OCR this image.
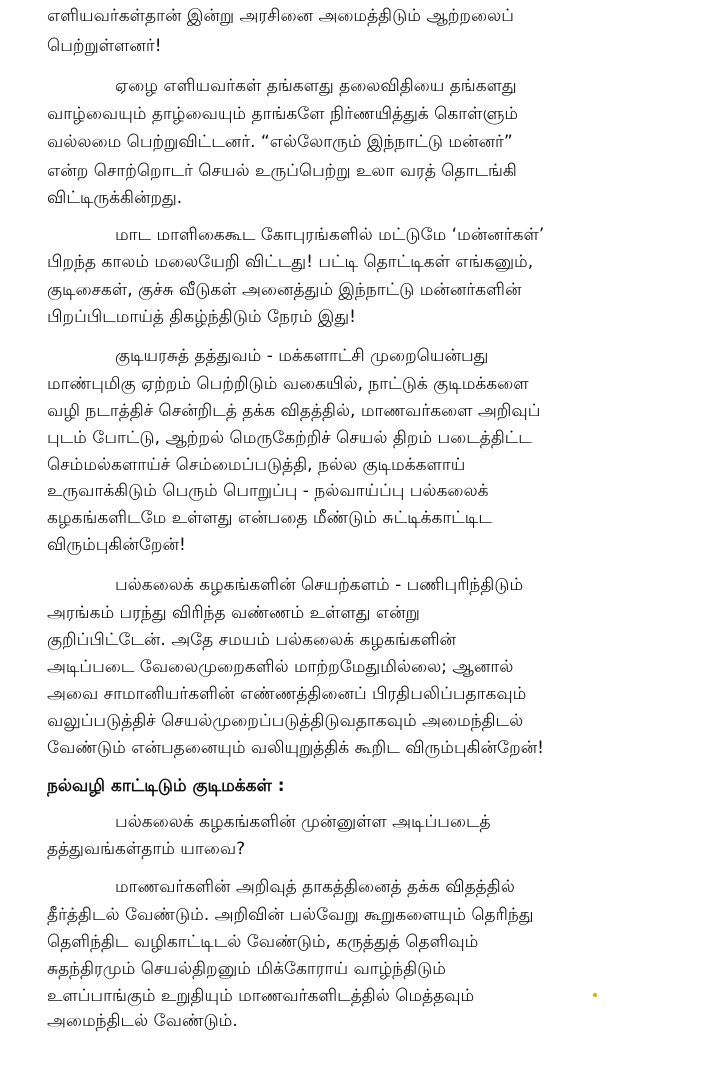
எளியவர்கள்தான் இன்று அரசினை அமைத்திடும் ஆற்றலைப்
பெற்றுள்ளனர்!
ஏழை எளியவர்கள் தங்களது தலைவிதியை தங்களது
வாழ்வையும் தாழ்வையும் தாங்களே நிர்ணயித்துக் கொள்ளும்
வல்லமை பெற்றுவிட்டனர். “எல்லோரும் இந்நாட்டு மன்னர்”
என்ற சொற்றொடர் செயல் உருப்பெற்று உலா வரத் தொடங்கி
விட்டிருக்கின்றது.
மாட மாளிகைகூட கோபுரங்களில் மட்டுமே ‘மன்னர்கள்’
பிறந்த காலம் மலையேறி விட்டது! பட்டி தொட்டிகள் எங்கனும்,
குடிசைகள், குச்சு வீடுகள் அனைத்தும் இந்நாட்டு மன்னர்களின்
பிறப்பிடமாய்த் திகழ்ந்திடும் நேரம் இது!
குடியரசுத் தத்துவம் - மக்களாட்சி முறையென்பது
மாண்புமிகு ஏற்றம் பெற்றிடும் வகையில், நாட்டுக் குடிமக்களை
வழி நடாத்திச் சென்றிடத் தக்க விதத்தில், மாணவர்களை அறிவுப்
புடம் போட்டு, ஆற்றல் மெருகேற்றிச் செயல் திறம் படைத்திட்ட
செம்மல்களாய்ச் செம்மைப்படுத்தி, நல்ல குடிமக்களாய்
உருவாக்கிடும் பெரும் பொறுப்பு - நல்வாய்ப்பு பல்கலைக்
கழகங்களிடமே உள்ளது என்பதை மீண்டும் சுட்டிக்காட்டிட
விரும்புகின்றேன்!
பல்கலைக் கழகங்களின் செயற்களம் - பணிபுரிந்திடும்
அரங்கம் பரந்து விரிந்த வண்ணம் உள்ளது என்று
குறிப்பிட்டேன். அதே சமயம் பல்கலைக் கழகங்களின்
அடிப்படை வேலைமுறைகளில் மாற்றமேதுமில்லை; ஆனால்
அவை சாமானியர்களின் எண்ணத்தினைப் பிரதிபலிப்பதாகவும்
வலுப்படுத்திச் செயல்முறைப்படுத்திடுவதாகவும் அமைந்திடல்
வேண்டும் என்பதனையும் வலியுறுத்திக் கூறிட விரும்புகின்றேன்!
நல்வழி காட்டிடும் குடிமக்கள் :
பல்கலைக் கழகங்களின் முன்னுள்ள அடிப்படைத்
தத்துவங்கள்தாம் யாவை?
மாணவர்களின் அறிவுத் தாகத்தினைத் தக்க விதத்தில்
தீர்த்திடல் வேண்டும். அறிவின் பல்வேறு கூறுகளையும் தெரிந்து
தெளிந்திட வழிகாட்டிடல் வேண்டும், கருத்துத் தெளிவும்
சுதந்திரமும் செயல்திறனும் மிக்கோராய் வாழ்ந்திடும்
உளப்பாங்கும் உறுதியும் மாணவர்களிடத்தில் மெத்தவும்
அமைந்திடல் வேண்டும்.
